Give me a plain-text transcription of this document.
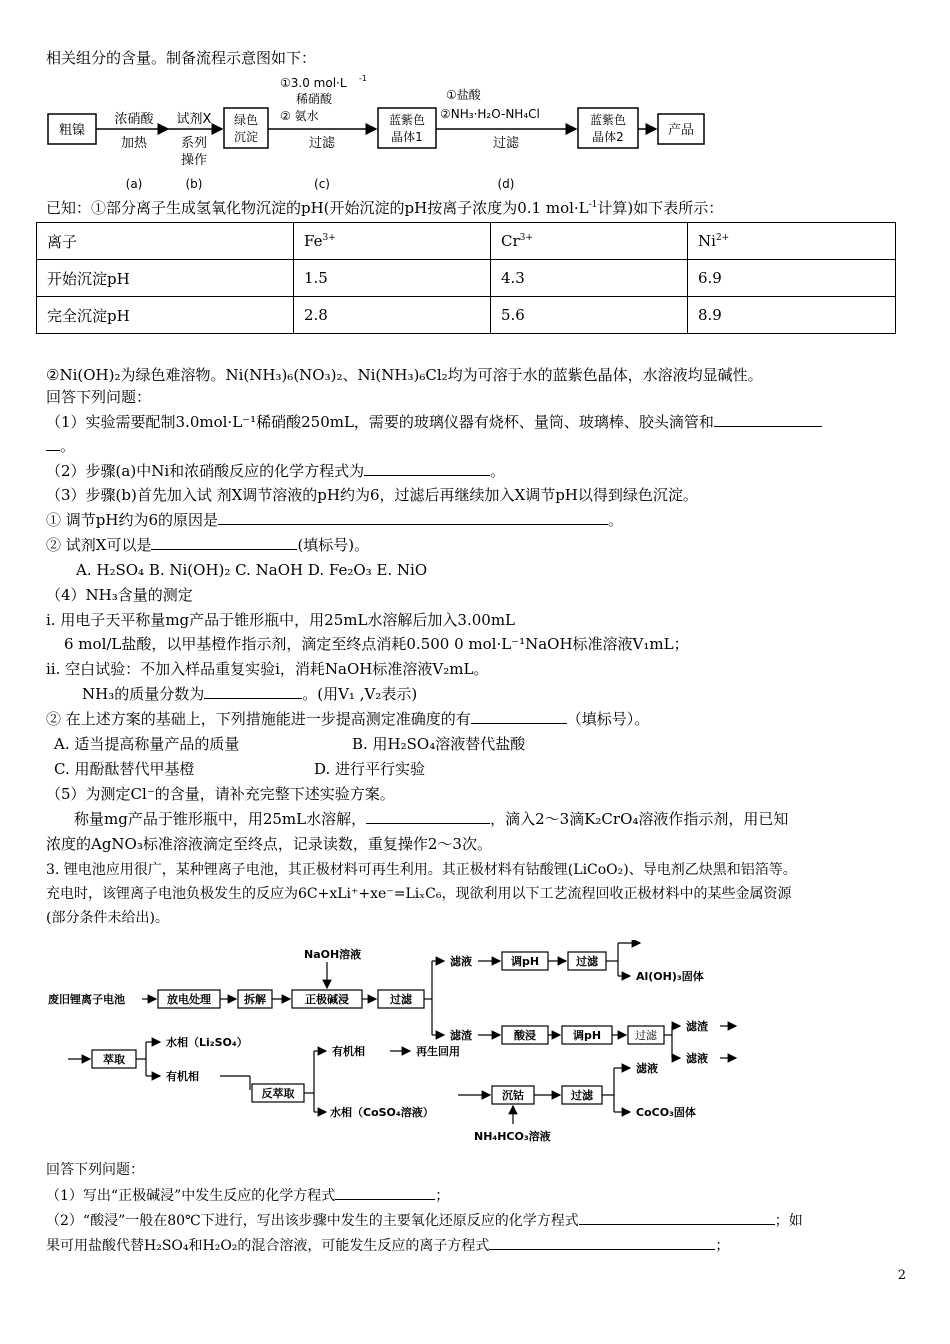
相关组分的含量。制备流程示意图如下：
粗镍
绿色
沉淀
蓝紫色
晶体1
蓝紫色
晶体2	产品
浓硝酸
加热
(a)
试剂X
系列
操作
(b)
①3.0 mol·L -1
稀硝酸
② 氨水
过滤
(c)
①盐酸
②NH₃·H₂O-NH₄Cl
过滤
(d)
已知：①部分离子生成氢氧化物沉淀的pH(开始沉淀的pH按离子浓度为0.1 $mol\cdot L^{-1}$计算)如下表所示：
离子	$Fe^{3+}$	$Cr^{3+}$	$Ni^{2+}$
开始沉淀pH	1.5	4.3	6.9
完全沉淀pH	2.8	5.6	8.9
②Ni(OH)₂为绿色难溶物。Ni(NH₃)₆(NO₃)₂、Ni(NH₃)₆Cl₂均为可溶于水的蓝紫色晶体，水溶液均显碱性。
回答下列问题：
（1）实验需要配制3.0mol·L⁻¹稀硝酸250mL，需要的玻璃仪器有烧杯、量筒、玻璃棒、胶头滴管和
。
（2）步骤(a)中Ni和浓硝酸反应的化学方程式为	。
（3）步骤(b)首先加入试 剂X调节溶液的pH约为6，过滤后再继续加入X调节pH以得到绿色沉淀。
① 调节pH约为6的原因是	。
② 试剂X可以是	(填标号)。
A. H₂SO₄ B. Ni(OH)₂ C. NaOH D. Fe₂O₃ E. NiO
（4）NH₃含量的测定
i. 用电子天平称量mg产品于锥形瓶中，用25mL水溶解后加入3.00mL
6 mol/L盐酸，以甲基橙作指示剂，滴定至终点消耗0.500 0 mol·L⁻¹NaOH标准溶液V₁mL；
ii. 空白试验：不加入样品重复实验i，消耗NaOH标准溶液V₂mL。
NH₃的质量分数为	。(用V₁ ,V₂表示)
② 在上述方案的基础上，下列措施能进一步提高测定准确度的有	（填标号）。
A. 适当提高称量产品的质量	B. 用H₂SO₄溶液替代盐酸
C. 用酚酞替代甲基橙	D. 进行平行实验
（5）为测定Cl⁻的含量，请补充完整下述实验方案。
称量mg产品于锥形瓶中，用25mL水溶解，	，滴入2～3滴K₂CrO₄溶液作指示剂，用已知
浓度的AgNO₃标准溶液滴定至终点，记录读数，重复操作2～3次。
3. 锂电池应用很广，某种锂离子电池，其正极材料可再生利用。其正极材料有钴酸锂(LiCoO₂)、导电剂乙炔黑和铝箔等。
充电时，该锂离子电池负极发生的反应为6C+xLi⁺+xe⁻=LiₓC₆，现欲利用以下工艺流程回收正极材料中的某些金属资源
(部分条件未给出)。
废旧锂离子电池	放电处理	拆解	正极碱浸	过滤
NaOH溶液
滤液	调pH	过滤
Al(OH)₃固体
滤渣	酸浸	调pH	过滤
滤渣
滤液
萃取
水相（Li₂SO₄）
有机相
反萃取
有机相	再生回用
水相（CoSO₄溶液）
沉钴	过滤
滤液
CoCO₃固体
NH₄HCO₃溶液
回答下列问题：
（1）写出“正极碱浸”中发生反应的化学方程式	；
（2）“酸浸”一般在80℃下进行，写出该步骤中发生的主要氧化还原反应的化学方程式	；如
果可用盐酸代替H₂SO₄和H₂O₂的混合溶液，可能发生反应的离子方程式	；
2
